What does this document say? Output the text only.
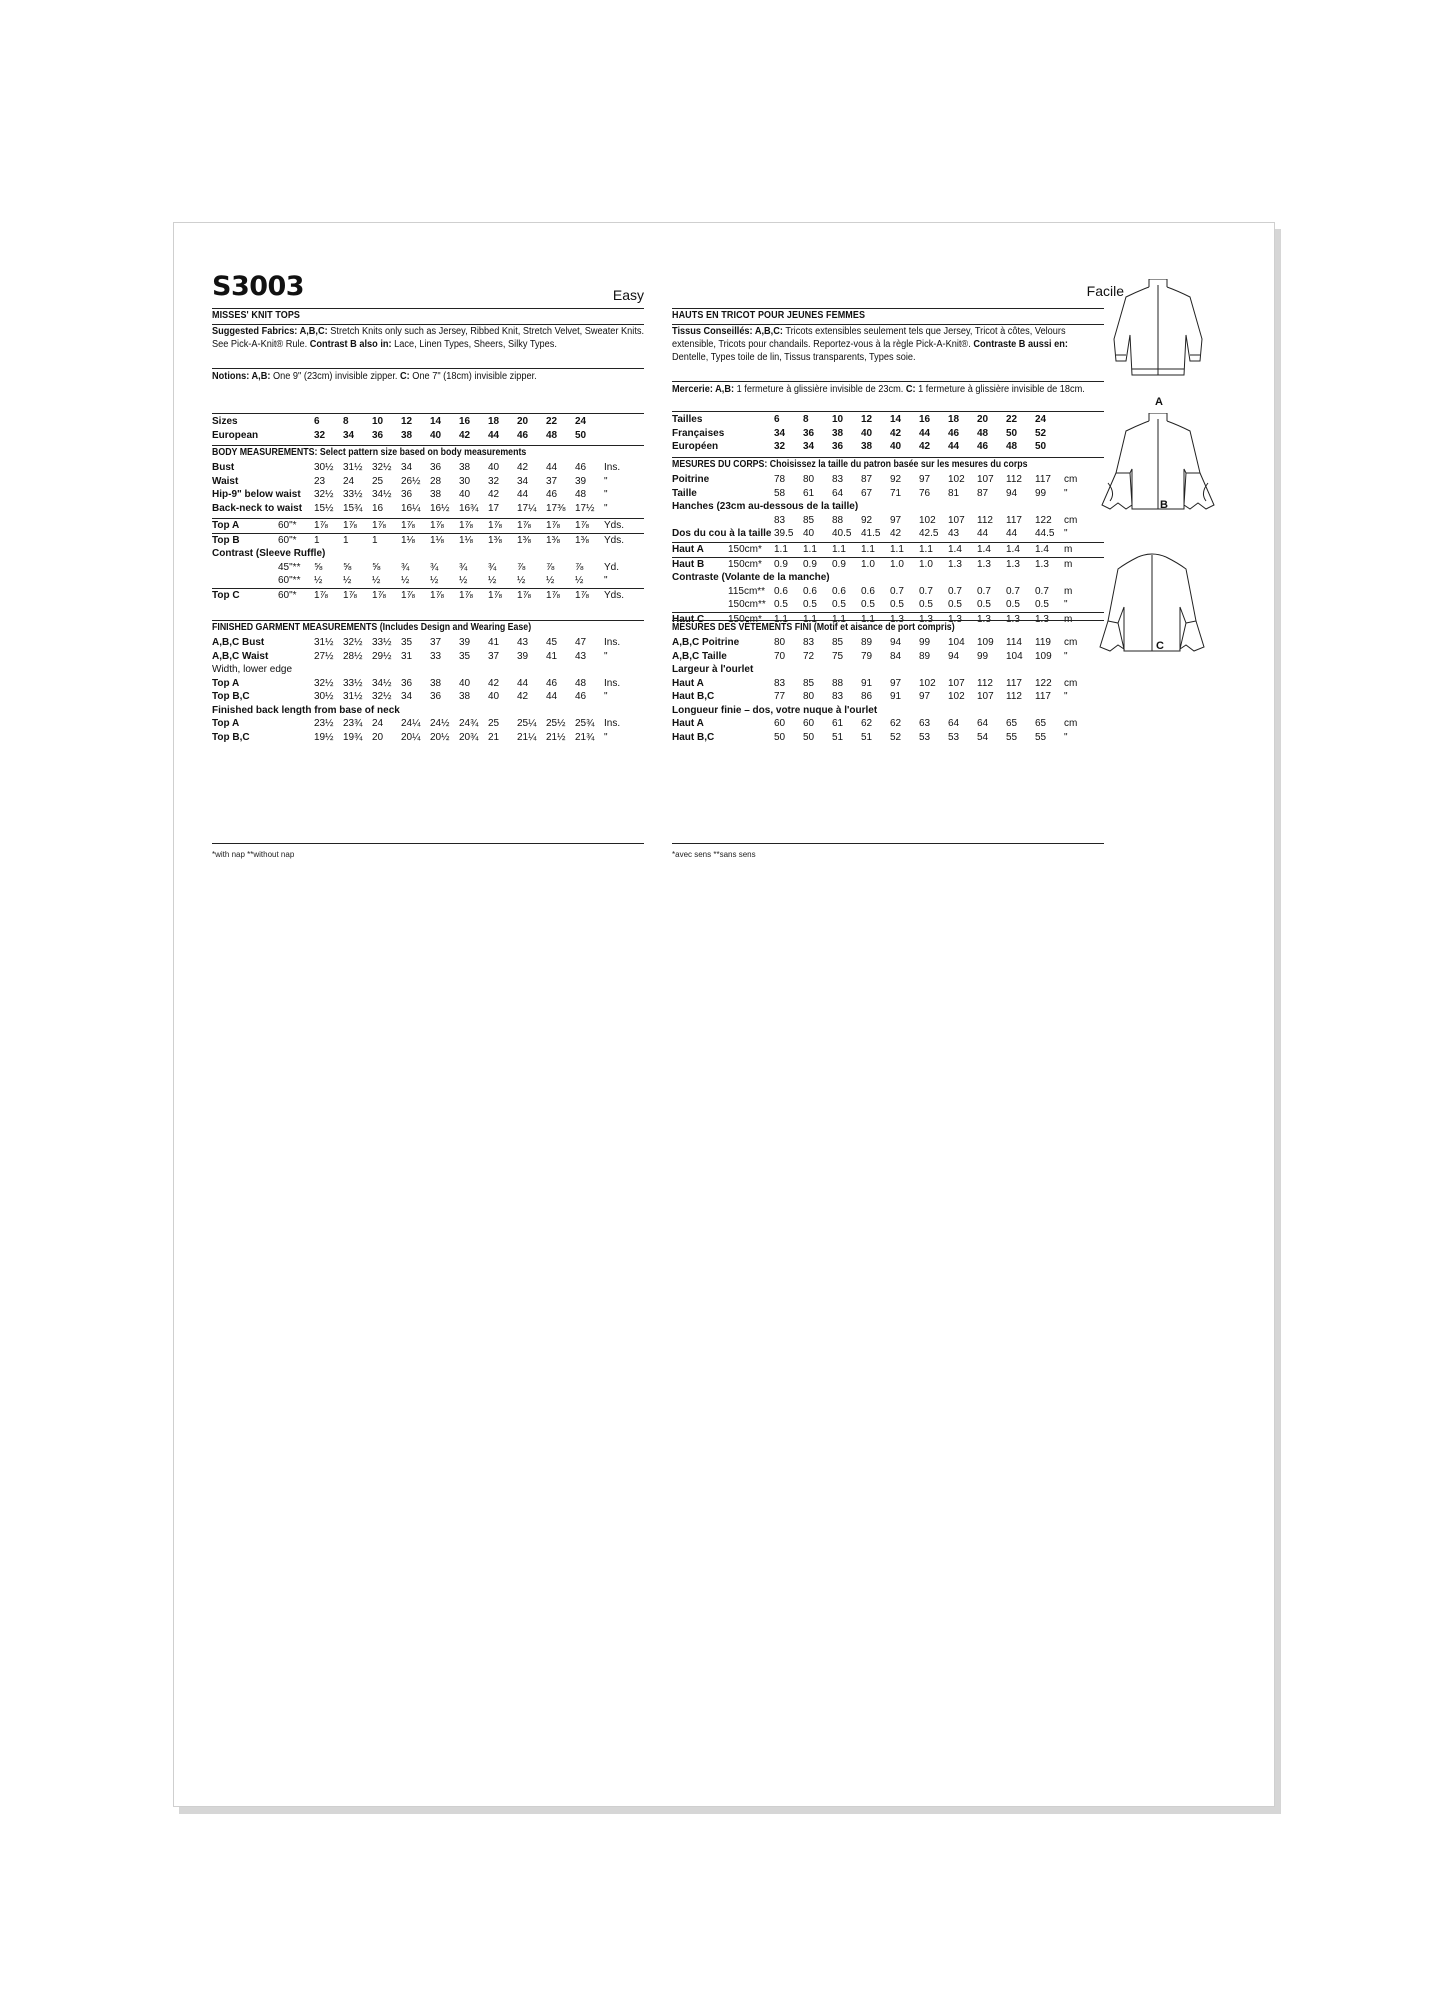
S3003	Easy	Facile
MISSES' KNIT TOPS
Suggested Fabrics: A,B,C: Stretch Knits only such as Jersey, Ribbed Knit, Stretch Velvet, Sweater Knits. See Pick-A-Knit® Rule. Contrast B also in: Lace, Linen Types, Sheers, Silky Types.
Notions: A,B: One 9" (23cm) invisible zipper. C: One 7" (18cm) invisible zipper.
Sizes	6	8	10	12	14	16	18	20	22	24	
European	32	34	36	38	40	42	44	46	48	50	
BODY MEASUREMENTS: Select pattern size based on body measurements
Bust	30½	31½	32½	34	36	38	40	42	44	46	Ins.
Waist	23	24	25	26½	28	30	32	34	37	39	"
Hip-9" below waist	32½	33½	34½	36	38	40	42	44	46	48	"
Back-neck to waist	15½	15¾	16	16¼	16½	16¾	17	17¼	17⅜	17½	"
Top A	60"*	1⅞	1⅞	1⅞	1⅞	1⅞	1⅞	1⅞	1⅞	1⅞	1⅞	Yds.
Top B	60"*	1	1	1	1⅛	1⅛	1⅛	1⅜	1⅜	1⅜	1⅜	Yds.
Contrast (Sleeve Ruffle)												
	45"**	⅝	⅝	⅝	¾	¾	¾	¾	⅞	⅞	⅞	Yd.
	60"**	½	½	½	½	½	½	½	½	½	½	"
Top C	60"*	1⅞	1⅞	1⅞	1⅞	1⅞	1⅞	1⅞	1⅞	1⅞	1⅞	Yds.
FINISHED GARMENT MEASUREMENTS (Includes Design and Wearing Ease)
A,B,C Bust	31½	32½	33½	35	37	39	41	43	45	47	Ins.
A,B,C Waist	27½	28½	29½	31	33	35	37	39	41	43	"
Width, lower edge											
Top A	32½	33½	34½	36	38	40	42	44	46	48	Ins.
Top B,C	30½	31½	32½	34	36	38	40	42	44	46	"
Finished back length from base of neck											
Top A	23½	23¾	24	24¼	24½	24¾	25	25¼	25½	25¾	Ins.
Top B,C	19½	19¾	20	20¼	20½	20¾	21	21¼	21½	21¾	"
*with nap **without nap
HAUTS EN TRICOT POUR JEUNES FEMMES
Tissus Conseillés: A,B,C: Tricots extensibles seulement tels que Jersey, Tricot à côtes, Velours extensible, Tricots pour chandails. Reportez-vous à la règle Pick-A-Knit®. Contraste B aussi en: Dentelle, Types toile de lin, Tissus transparents, Types soie.
Mercerie: A,B: 1 fermeture à glissière invisible de 23cm. C: 1 fermeture à glissière invisible de 18cm.
Tailles	6	8	10	12	14	16	18	20	22	24	
Françaises	34	36	38	40	42	44	46	48	50	52	
Européen	32	34	36	38	40	42	44	46	48	50	
MESURES DU CORPS: Choisissez la taille du patron basée sur les mesures du corps
Poitrine	78	80	83	87	92	97	102	107	112	117	cm
Taille	58	61	64	67	71	76	81	87	94	99	"
Hanches (23cm au-dessous de la taille)											
	83	85	88	92	97	102	107	112	117	122	cm
Dos du cou à la taille	39.5	40	40.5	41.5	42	42.5	43	44	44	44.5	"
Haut A	150cm*	1.1	1.1	1.1	1.1	1.1	1.1	1.4	1.4	1.4	1.4	m
Haut B	150cm*	0.9	0.9	0.9	1.0	1.0	1.0	1.3	1.3	1.3	1.3	m
Contraste (Volante de la manche)												
	115cm**	0.6	0.6	0.6	0.6	0.7	0.7	0.7	0.7	0.7	0.7	m
	150cm**	0.5	0.5	0.5	0.5	0.5	0.5	0.5	0.5	0.5	0.5	"
Haut C	150cm*	1.1	1.1	1.1	1.1	1.3	1.3	1.3	1.3	1.3	1.3	m
MESURES DES VÊTEMENTS FINI (Motif et aisance de port compris)
A,B,C Poitrine	80	83	85	89	94	99	104	109	114	119	cm
A,B,C Taille	70	72	75	79	84	89	94	99	104	109	"
Largeur à l'ourlet											
Haut A	83	85	88	91	97	102	107	112	117	122	cm
Haut B,C	77	80	83	86	91	97	102	107	112	117	"
Longueur finie – dos, votre nuque à l'ourlet											
Haut A	60	60	61	62	62	63	64	64	65	65	cm
Haut B,C	50	50	51	51	52	53	53	54	55	55	"
*avec sens **sans sens
A
B
C
